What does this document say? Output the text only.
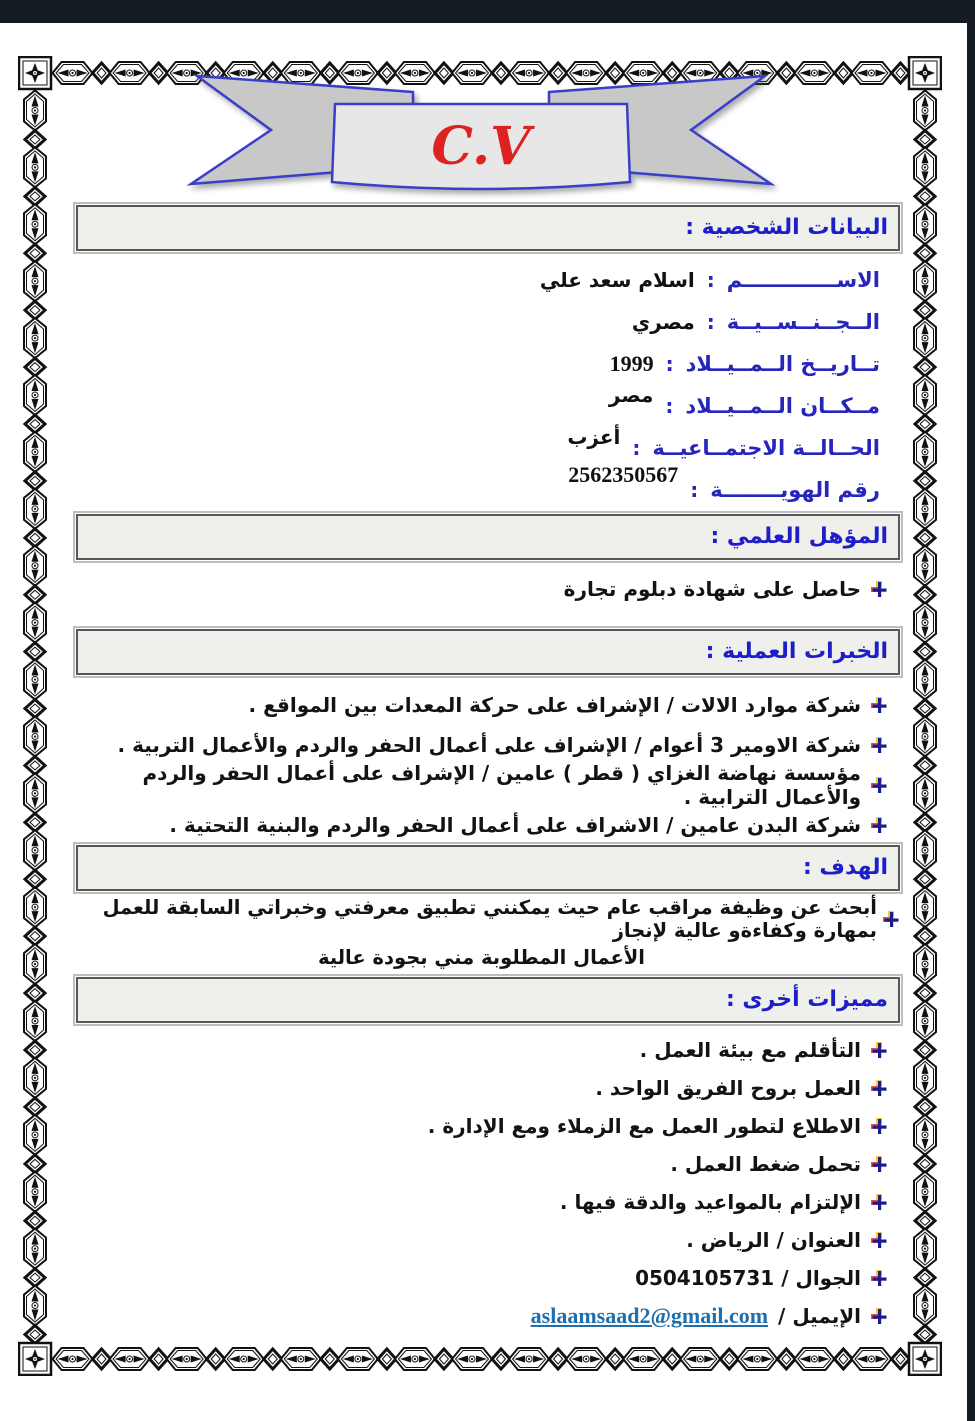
C.V
البيانات الشخصية :
الاســـــــــــــم
:
اسلام سعد علي
الــجــنــســيــة
:
مصري
تــاريــخ الــمــيــلاد
:
1999
مــكــان الــمــيــلاد
:
مصر
الحــالــة الاجتمــاعيــة
:
أعزب
رقم الهويــــــــة
:
2562350567
المؤهل العلمي :
حاصل على شهادة دبلوم تجارة
الخبرات العملية :
شركة موارد الالات / الإشراف على حركة المعدات بين المواقع .
شركة الاومير 3 أعوام / الإشراف على أعمال الحفر والردم والأعمال التربية .
مؤسسة نهاضة الغزاي ( قطر ) عامين / الإشراف على أعمال الحفر والردم والأعمال الترابية .
شركة البدن عامين / الاشراف على أعمال الحفر والردم والبنية التحتية .
الهدف :
أبحث عن وظيفة مراقب عام حيث يمكنني تطبيق معرفتي وخبراتي السابقة للعمل بمهارة وكفاءةو عالية لإنجاز
الأعمال المطلوبة مني بجودة عالية
مميزات أخرى :
التأقلم مع بيئة العمل .
العمل بروح الفريق الواحد .
الاطلاع لتطور العمل مع الزملاء ومع الإدارة .
تحمل ضغط العمل .
الإلتزام بالمواعيد والدقة فيها .
العنوان / الرياض .
الجوال / 0504105731
الإيميل /
aslaamsaad2@gmail.com
